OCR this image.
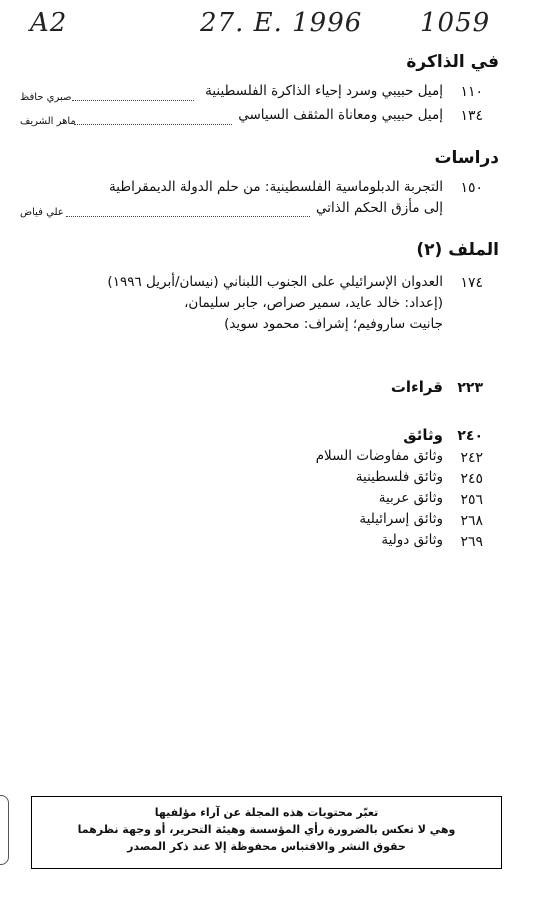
A2	27. E. 1996 1059
في الذاكرة
١١٠
إميل حبيبي وسرد إحياء الذاكرة الفلسطينية
صبري حافظ
١٣٤
إميل حبيبي ومعاناة المثقف السياسي
ماهر الشريف
دراسات
١٥٠
التجربة الدبلوماسية الفلسطينية: من حلم الدولة الديمقراطية
إلى مأزق الحكم الذاتي
علي فياض
الملف (٢)
١٧٤
العدوان الإسرائيلي على الجنوب اللبناني (نيسان/أبريل ١٩٩٦)
(إعداد: خالد عايد، سمير صراص، جابر سليمان،
جانيت ساروفيم؛ إشراف: محمود سويد)
٢٢٣
قراءات
٢٤٠
وثائق
٢٤٢
وثائق مفاوضات السلام
٢٤٥
وثائق فلسطينية
٢٥٦
وثائق عربية
٢٦٨
وثائق إسرائيلية
٢٦٩
وثائق دولية
تعبّر محتويات هذه المجلة عن آراء مؤلفيها
وهي لا تعكس بالضرورة رأي المؤسسة وهيئة التحرير، أو وجهة نظرهما
حقوق النشر والاقتباس محفوظة إلا عند ذكر المصدر
